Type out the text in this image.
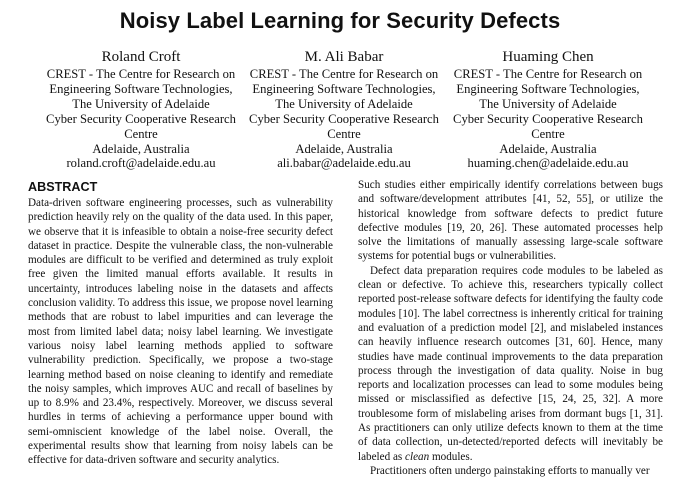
Noisy Label Learning for Security Defects
Roland Croft
CREST - The Centre for Research on
Engineering Software Technologies,
The University of Adelaide
Cyber Security Cooperative Research
Centre
Adelaide, Australia
roland.croft@adelaide.edu.au
M. Ali Babar
CREST - The Centre for Research on
Engineering Software Technologies,
The University of Adelaide
Cyber Security Cooperative Research
Centre
Adelaide, Australia
ali.babar@adelaide.edu.au
Huaming Chen
CREST - The Centre for Research on
Engineering Software Technologies,
The University of Adelaide
Cyber Security Cooperative Research
Centre
Adelaide, Australia
huaming.chen@adelaide.edu.au
ABSTRACT

Data-driven software engineering processes, such as vulnerability prediction heavily rely on the quality of the data used. In this paper, we observe that it is infeasible to obtain a noise-free security defect dataset in practice. Despite the vulnerable class, the non-vulnerable modules are difficult to be verified and determined as truly exploit free given the limited manual efforts available. It results in uncertainty, introduces labeling noise in the datasets and affects conclusion validity. To address this issue, we propose novel learning methods that are robust to label impurities and can leverage the most from limited label data; noisy label learning. We investigate various noisy label learning methods applied to software vulnerability prediction. Specifically, we propose a two-stage learning method based on noise cleaning to identify and remediate the noisy samples, which improves AUC and recall of baselines by up to 8.9% and 23.4%, respectively. Moreover, we discuss several hurdles in terms of achieving a performance upper bound with semi-omniscient knowledge of the label noise. Overall, the experimental results show that learning from noisy labels can be effective for data-driven software and security analytics.

Such studies either empirically identify correlations between bugs and software/development attributes [41, 52, 55], or utilize the historical knowledge from software defects to predict future defective modules [19, 20, 26]. These automated processes help solve the limitations of manually assessing large-scale software systems for potential bugs or vulnerabilities.

Defect data preparation requires code modules to be labeled as clean or defective. To achieve this, researchers typically collect reported post-release software defects for identifying the faulty code modules [10]. The label correctness is inherently critical for training and evaluation of a prediction model [2], and mislabeled instances can heavily influence research outcomes [31, 60]. Hence, many studies have made continual improvements to the data preparation process through the investigation of data quality. Noise in bug reports and localization processes can lead to some modules being missed or misclassified as defective [15, 24, 25, 32]. A more troublesome form of mislabeling arises from dormant bugs [1, 31]. As practitioners can only utilize defects known to them at the time of data collection, un-detected/reported defects will inevitably be labeled as clean modules.

Practitioners often undergo painstaking efforts to manually ver
